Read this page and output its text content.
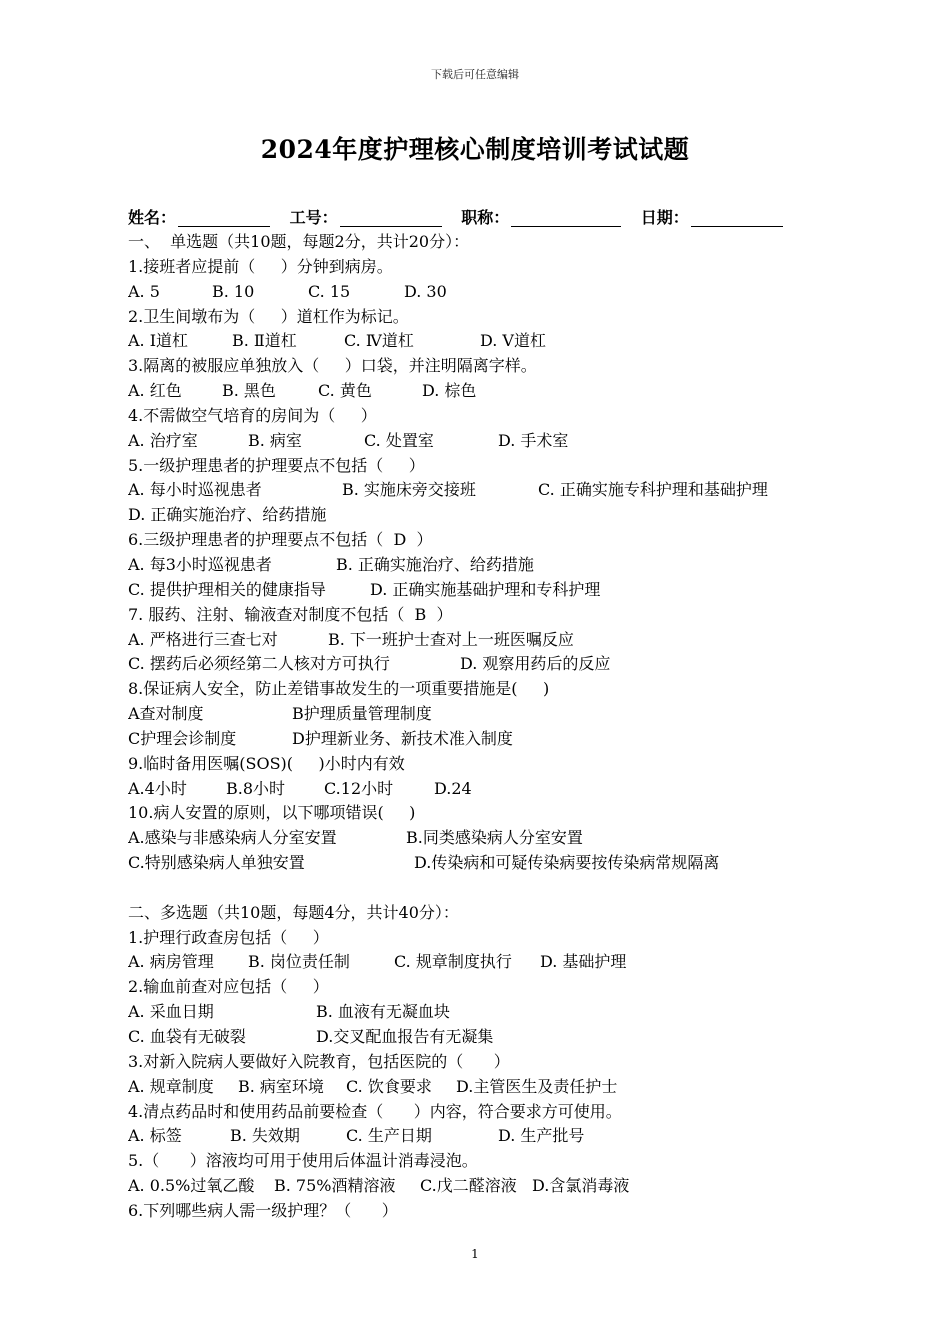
下载后可任意编辑
2024年度护理核心制度培训考试试题
姓名：	工号：	职称：	日期：
一、  单选题（共10题，每题2分，共计20分）：
1.接班者应提前（     ）分钟到病房。
A. 5	B. 10	C. 15	D. 30
2.卫生间墩布为（     ）道杠作为标记。
A. Ⅰ道杠	B. Ⅱ道杠	C. Ⅳ道杠	D. Ⅴ道杠
3.隔离的被服应单独放入（     ）口袋，并注明隔离字样。
A. 红色	B. 黑色	C. 黄色	D. 棕色
4.不需做空气培育的房间为（     ）
A. 治疗室	B. 病室	C. 处置室	D. 手术室
5.一级护理患者的护理要点不包括（     ）
A. 每小时巡视患者	B. 实施床旁交接班	C. 正确实施专科护理和基础护理
D. 正确实施治疗、给药措施
6.三级护理患者的护理要点不包括（  D  ）
A. 每3小时巡视患者	B. 正确实施治疗、给药措施
C. 提供护理相关的健康指导	D. 正确实施基础护理和专科护理
7. 服药、注射、输液查对制度不包括（  B  ）
A. 严格进行三查七对	B. 下一班护士查对上一班医嘱反应
C. 摆药后必须经第二人核对方可执行	D. 观察用药后的反应
8.保证病人安全，防止差错事故发生的一项重要措施是(     )
A查对制度	B护理质量管理制度
C护理会诊制度	D护理新业务、新技术准入制度
9.临时备用医嘱(SOS)(     )小时内有效
A.4小时	B.8小时	C.12小时	D.24
10.病人安置的原则，以下哪项错误(     )
A.感染与非感染病人分室安置	B.同类感染病人分室安置
C.特别感染病人单独安置	D.传染病和可疑传染病要按传染病常规隔离
二、多选题（共10题，每题4分，共计40分）：
1.护理行政查房包括（     ）
A. 病房管理	B. 岗位责任制	C. 规章制度执行	D. 基础护理
2.输血前查对应包括（     ）
A. 采血日期	B. 血液有无凝血块
C. 血袋有无破裂	D.交叉配血报告有无凝集
3.对新入院病人要做好入院教育，包括医院的（      ）
A. 规章制度	B. 病室环境	C. 饮食要求	D.主管医生及责任护士
4.清点药品时和使用药品前要检查（      ）内容，符合要求方可使用。
A. 标签	B. 失效期	C. 生产日期	D. 生产批号
5.（      ）溶液均可用于使用后体温计消毒浸泡。
A. 0.5%过氧乙酸	B. 75%酒精溶液	C.戊二醛溶液 D.含氯消毒液
6.下列哪些病人需一级护理？（      ）
1
